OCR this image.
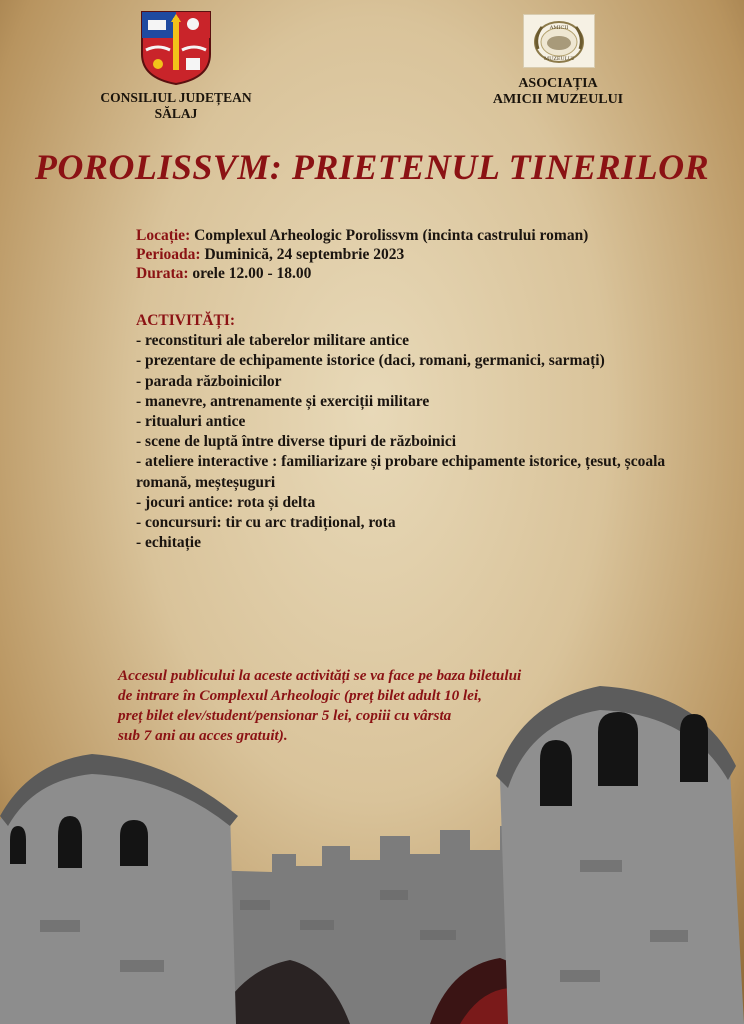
CONSILIUL JUDEȚEAN
SĂLAJ
AMICII
MUZEULUI
ASOCIAȚIA
AMICII MUZEULUI
POROLISSVM: PRIETENUL TINERILOR
Locație: Complexul Arheologic Porolissvm (incinta castrului roman)
Perioada: Duminică, 24 septembrie 2023
Durata: orele 12.00 - 18.00
ACTIVITĂȚI:
- reconstituri ale taberelor militare antice
- prezentare de echipamente istorice (daci, romani, germanici, sarmați)
- parada războinicilor
- manevre, antrenamente și exerciții militare
- ritualuri antice
- scene de luptă între diverse tipuri de războinici
- ateliere interactive : familiarizare și probare echipamente istorice, țesut, școala
romană, meșteșuguri
- jocuri antice: rota și delta
- concursuri: tir cu arc tradițional, rota
- echitație
Accesul publicului la aceste activități se va face pe baza biletului
de intrare în Complexul Arheologic (preț bilet adult 10 lei,
preț bilet elev/student/pensionar 5 lei, copiii cu vârsta
sub 7 ani au acces gratuit).
